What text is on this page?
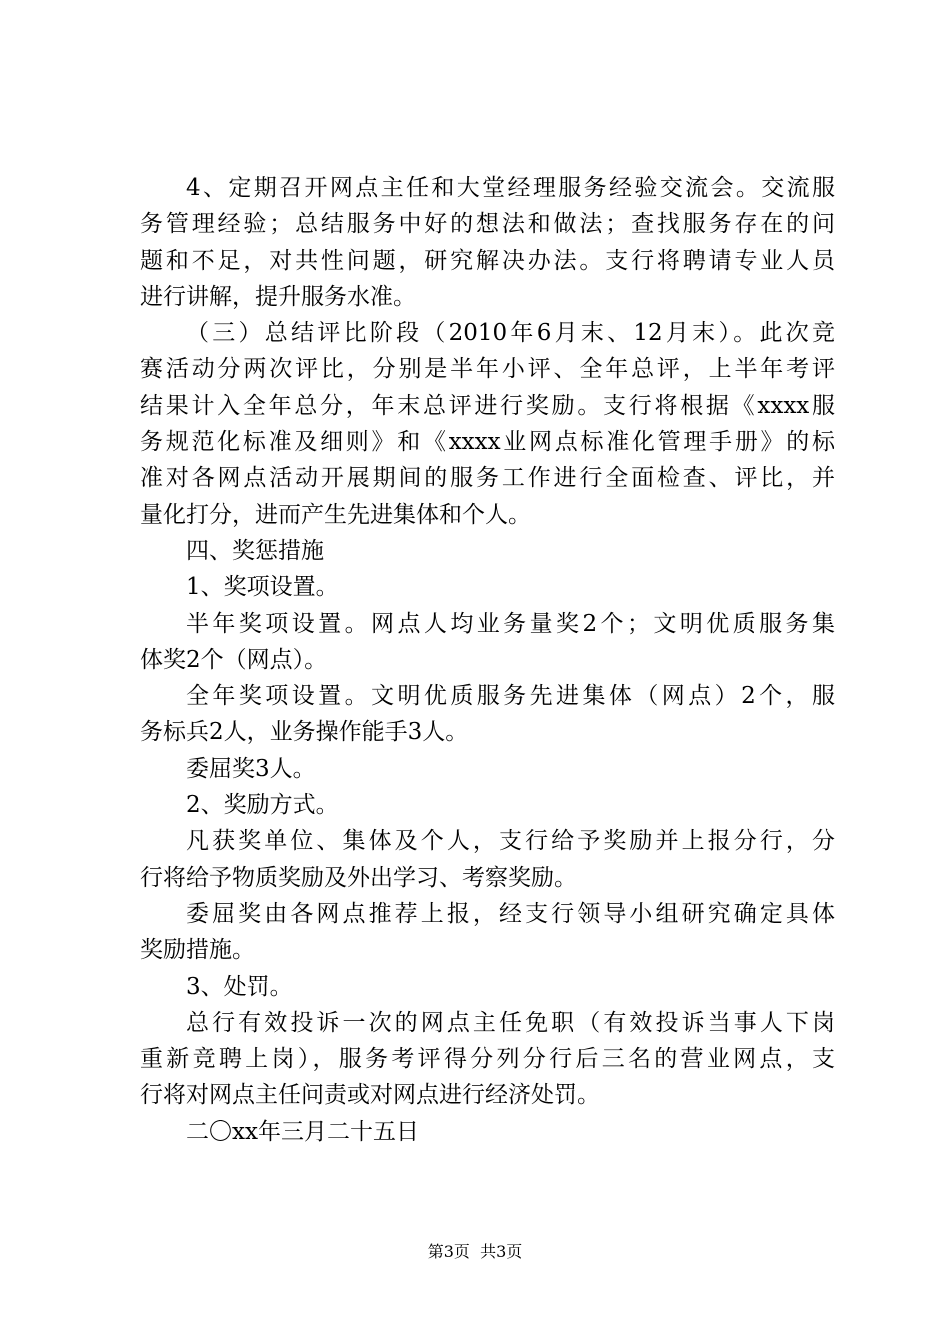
4、定期召开网点主任和大堂经理服务经验交流会。交流服
务管理经验；总结服务中好的想法和做法；查找服务存在的问
题和不足，对共性问题，研究解决办法。支行将聘请专业人员
进行讲解，提升服务水准。
（三）总结评比阶段（2010年6月末、12月末）。此次竞
赛活动分两次评比，分别是半年小评、全年总评，上半年考评
结果计入全年总分，年末总评进行奖励。支行将根据《xxxx服
务规范化标准及细则》和《xxxx业网点标准化管理手册》的标
准对各网点活动开展期间的服务工作进行全面检查、评比，并
量化打分，进而产生先进集体和个人。
四、奖惩措施
1、奖项设置。
半年奖项设置。网点人均业务量奖2个；文明优质服务集
体奖2个（网点）。
全年奖项设置。文明优质服务先进集体（网点）2个，服
务标兵2人，业务操作能手3人。
委屈奖3人。
2、奖励方式。
凡获奖单位、集体及个人，支行给予奖励并上报分行，分
行将给予物质奖励及外出学习、考察奖励。
委屈奖由各网点推荐上报，经支行领导小组研究确定具体
奖励措施。
3、处罚。
总行有效投诉一次的网点主任免职（有效投诉当事人下岗
重新竞聘上岗），服务考评得分列分行后三名的营业网点，支
行将对网点主任问责或对网点进行经济处罚。
二〇xx年三月二十五日
第3页  共3页
